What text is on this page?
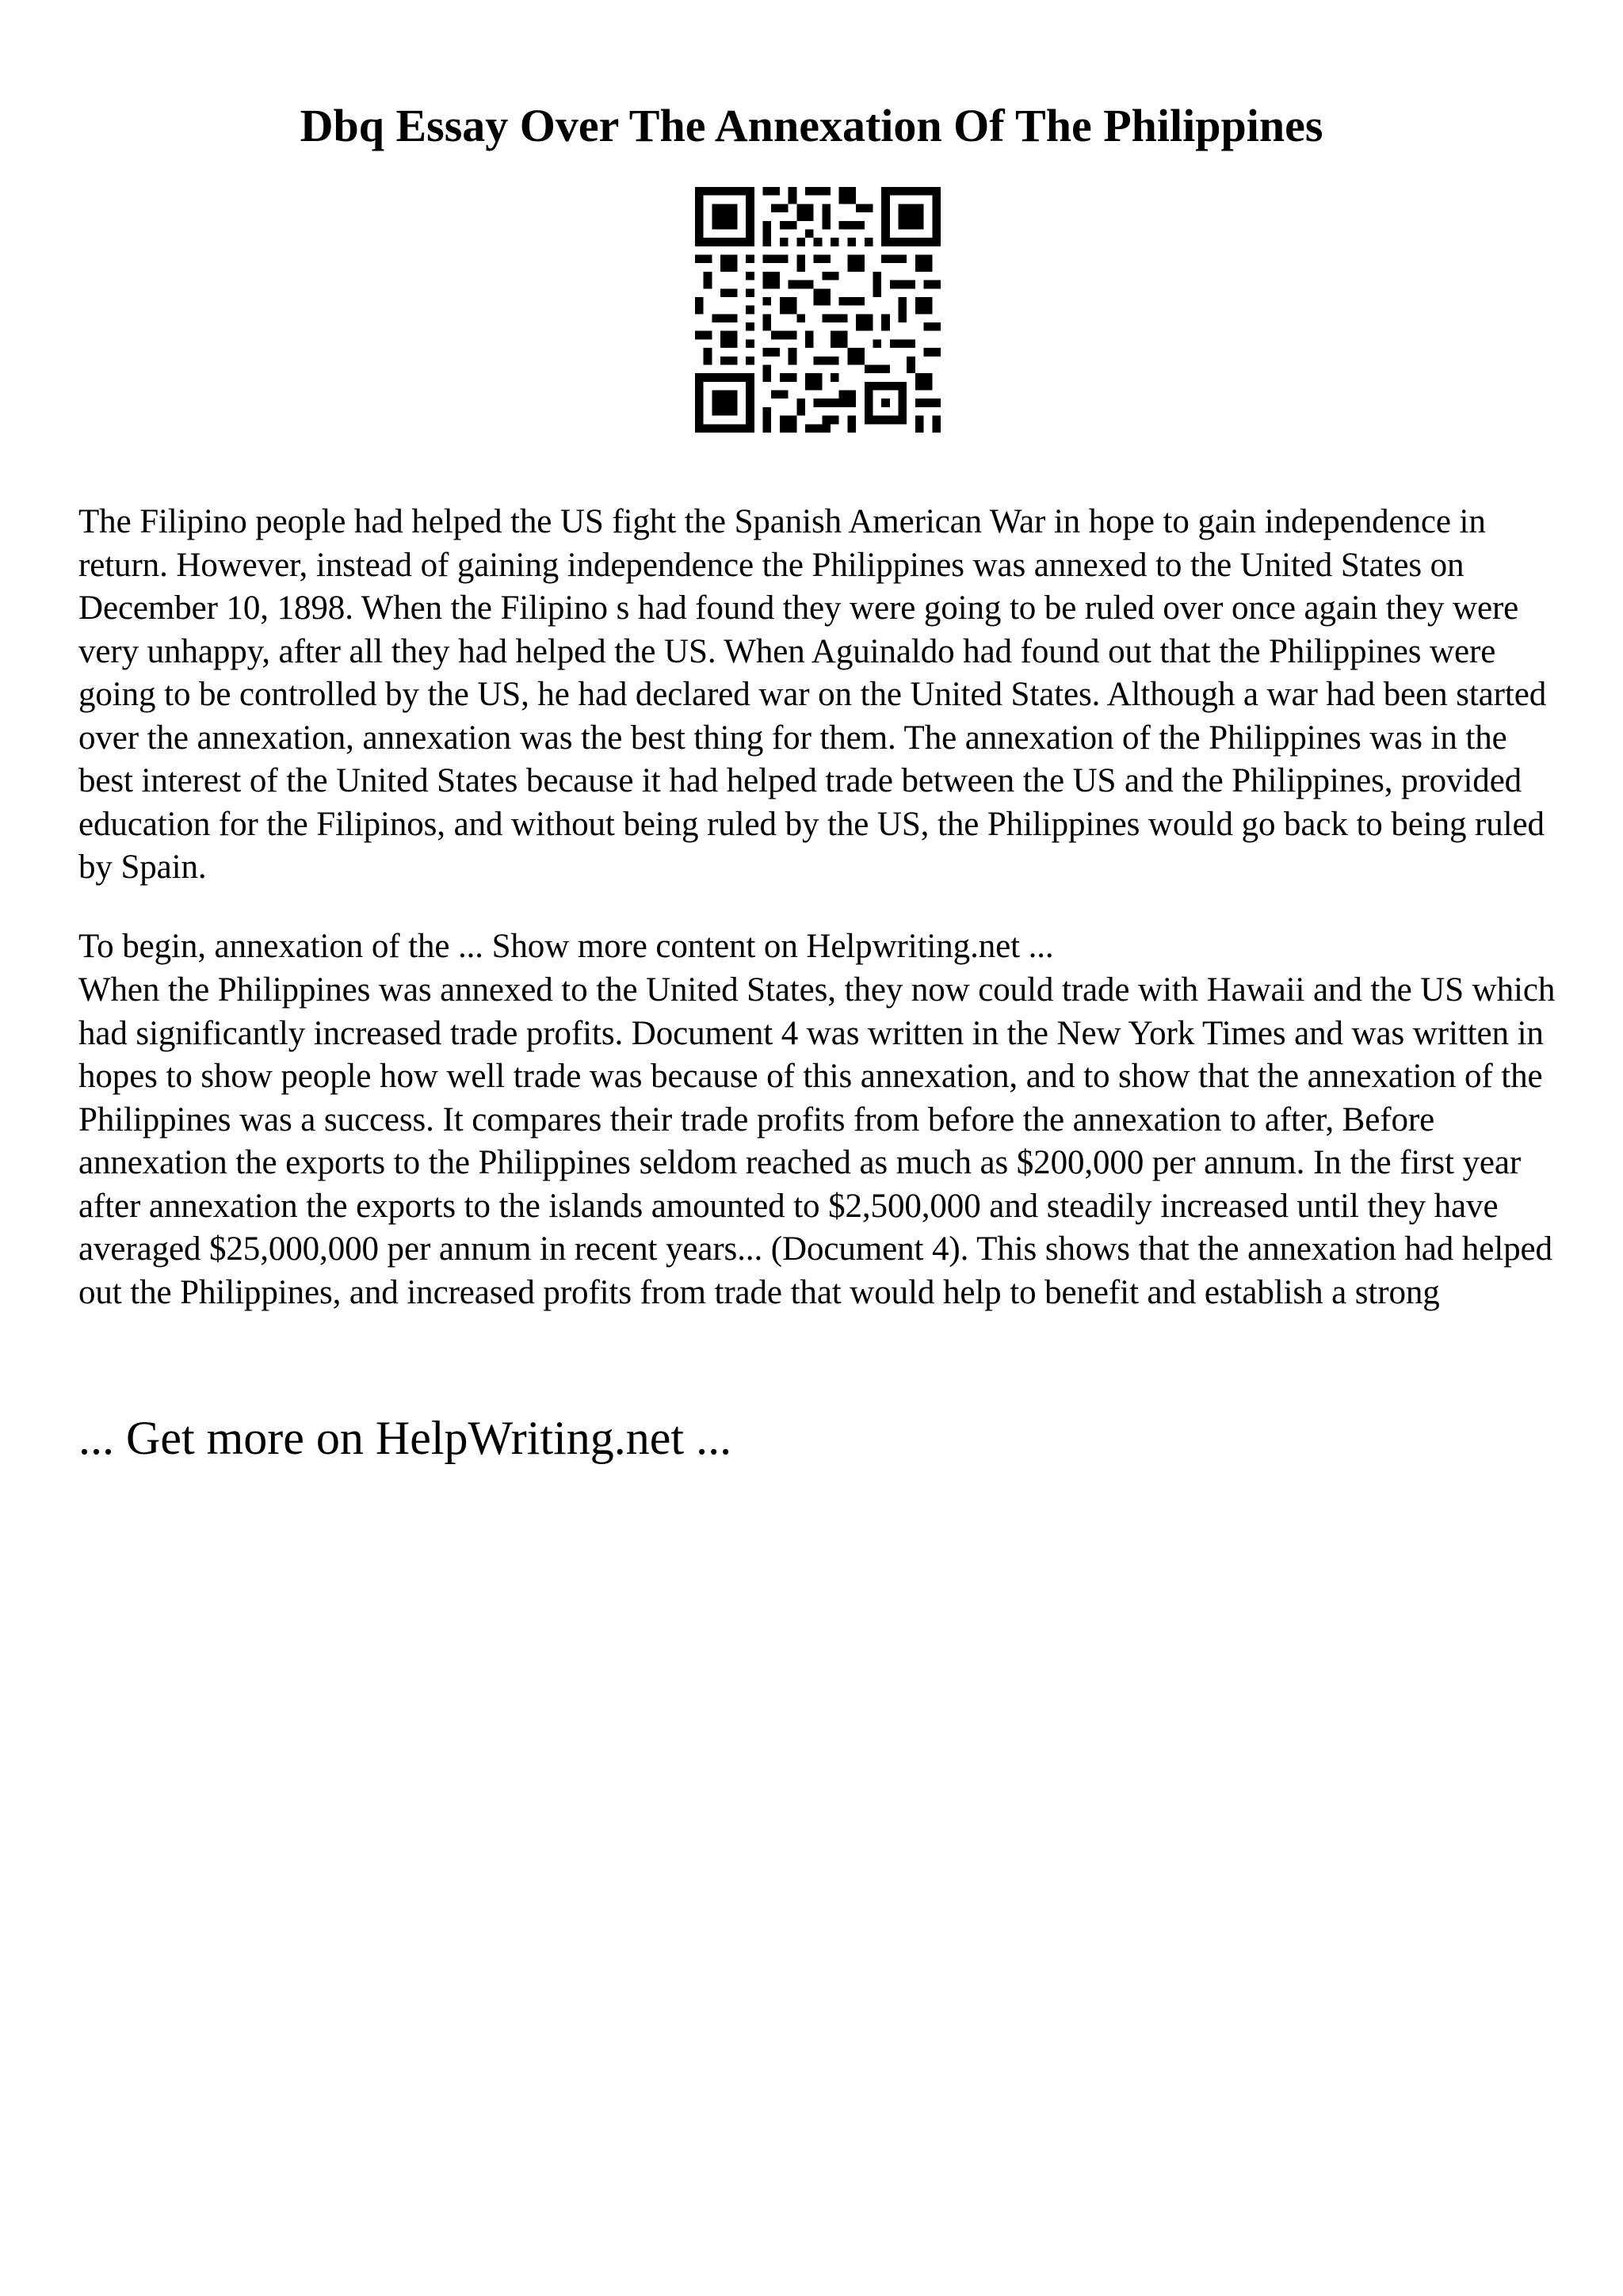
Dbq Essay Over The Annexation Of The Philippines

The Filipino people had helped the US fight the Spanish American War in hope to gain independence in return. However, instead of gaining independence the Philippines was annexed to the United States on December 10, 1898. When the Filipino s had found they were going to be ruled over once again they were very unhappy, after all they had helped the US. When Aguinaldo had found out that the Philippines were going to be controlled by the US, he had declared war on the United States. Although a war had been started over the annexation, annexation was the best thing for them. The annexation of the Philippines was in the best interest of the United States because it had helped trade between the US and the Philippines, provided education for the Filipinos, and without being ruled by the US, the Philippines would go back to being ruled by Spain.

To begin, annexation of the ... Show more content on Helpwriting.net ...

When the Philippines was annexed to the United States, they now could trade with Hawaii and the US which had significantly increased trade profits. Document 4 was written in the New York Times and was written in hopes to show people how well trade was because of this annexation, and to show that the annexation of the Philippines was a success. It compares their trade profits from before the annexation to after, Before annexation the exports to the Philippines seldom reached as much as $200,000 per annum. In the first year after annexation the exports to the islands amounted to $2,500,000 and steadily increased until they have averaged $25,000,000 per annum in recent years... (Document 4). This shows that the annexation had helped out the Philippines, and increased profits from trade that would help to benefit and establish a strong

... Get more on HelpWriting.net ...
